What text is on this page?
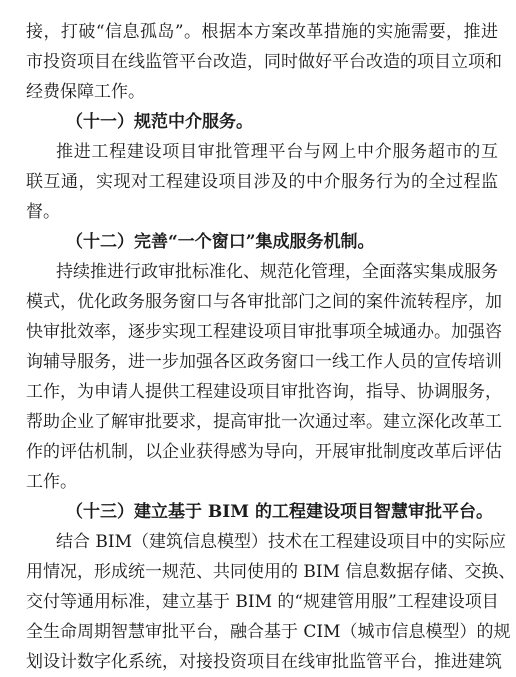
接，打破“信息孤岛”。根据本方案改革措施的实施需要，推进
市投资项目在线监管平台改造，同时做好平台改造的项目立项和
经费保障工作。
（十一）规范中介服务。
推进工程建设项目审批管理平台与网上中介服务超市的互
联互通，实现对工程建设项目涉及的中介服务行为的全过程监
督。
（十二）完善“一个窗口”集成服务机制。
持续推进行政审批标准化、规范化管理，全面落实集成服务
模式，优化政务服务窗口与各审批部门之间的案件流转程序，加
快审批效率，逐步实现工程建设项目审批事项全城通办。加强咨
询辅导服务，进一步加强各区政务窗口一线工作人员的宣传培训
工作，为申请人提供工程建设项目审批咨询，指导、协调服务，
帮助企业了解审批要求，提高审批一次通过率。建立深化改革工
作的评估机制，以企业获得感为导向，开展审批制度改革后评估
工作。
（十三）建立基于 BIM 的工程建设项目智慧审批平台。
结合 BIM（建筑信息模型）技术在工程建设项目中的实际应
用情况，形成统一规范、共同使用的 BIM 信息数据存储、交换、
交付等通用标准，建立基于 BIM 的“规建管用服”工程建设项目
全生命周期智慧审批平台，融合基于 CIM（城市信息模型）的规
划设计数字化系统，对接投资项目在线审批监管平台，推进建筑
